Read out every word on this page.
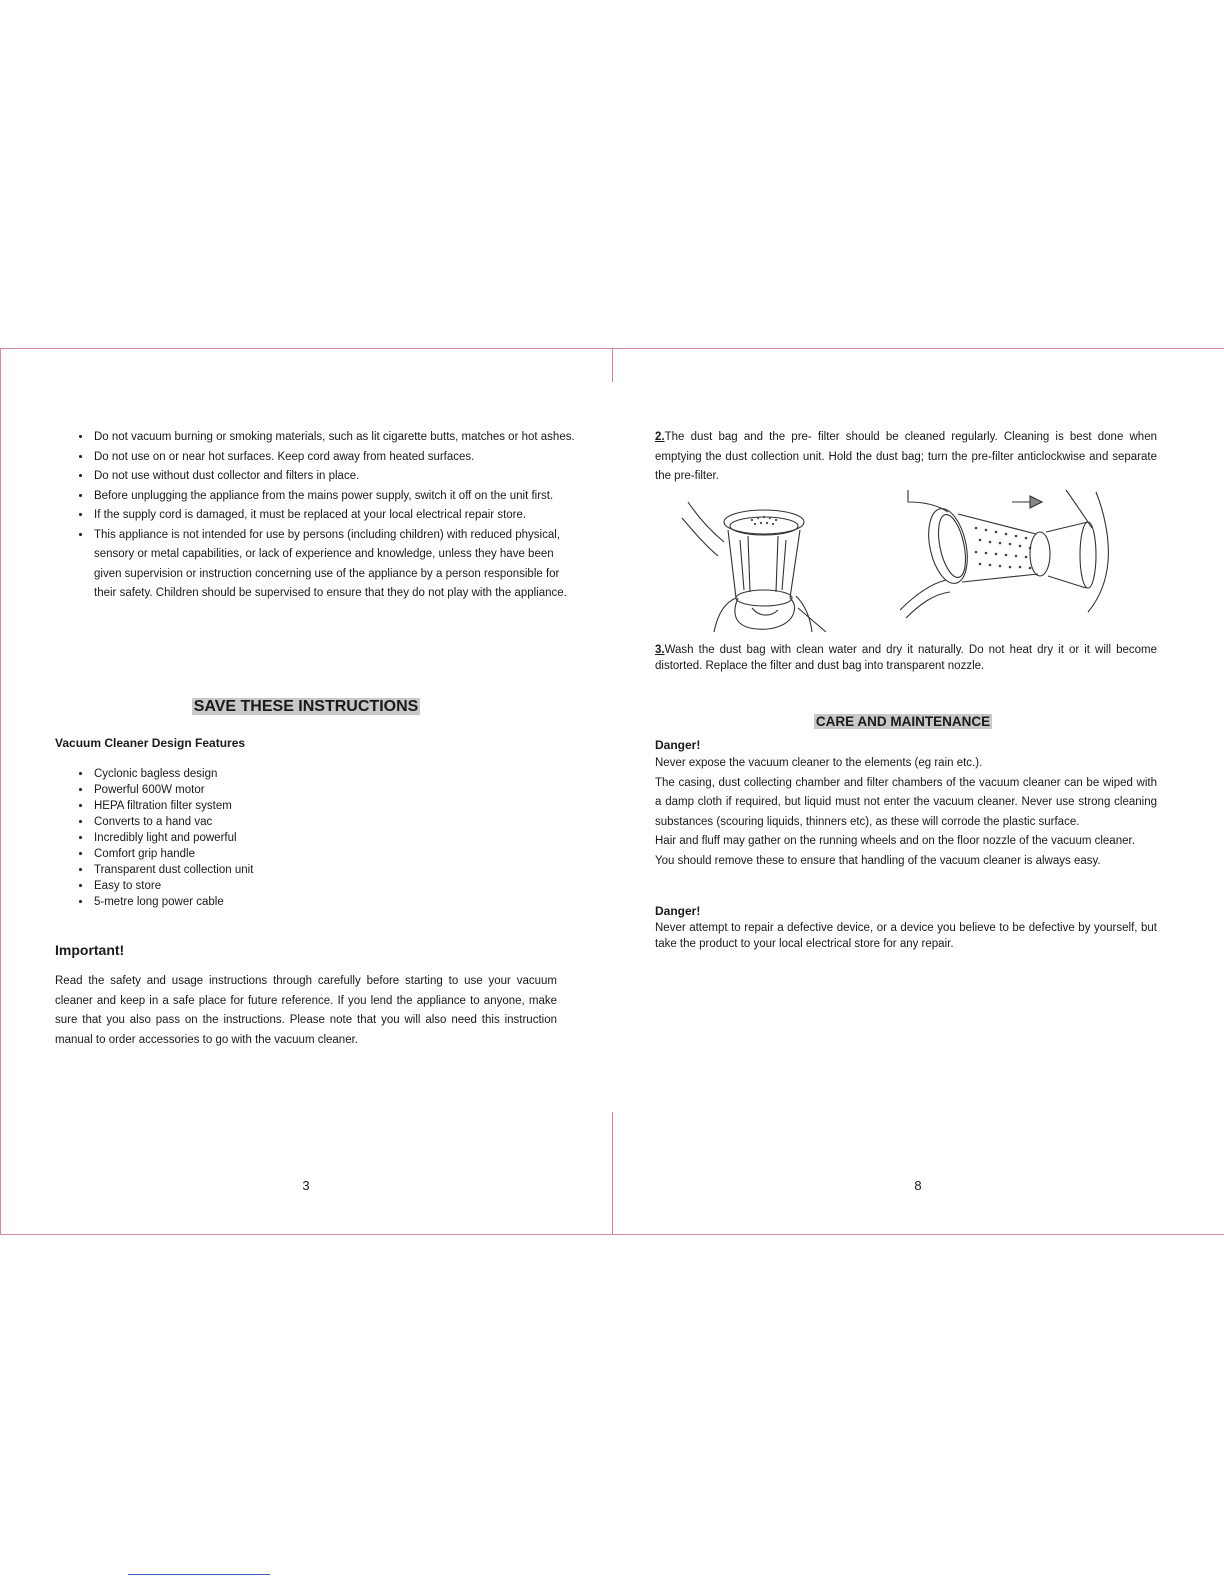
• Do not vacuum burning or smoking materials, such as lit cigarette butts, matches or hot ashes.
• Do not use on or near hot surfaces. Keep cord away from heated surfaces.
• Do not use without dust collector and filters in place.
• Before unplugging the appliance from the mains power supply, switch it off on the unit first.
• If the supply cord is damaged, it must be replaced at your local electrical repair store.
• This appliance is not intended for use by persons (including children) with reduced physical, sensory or metal capabilities, or lack of experience and knowledge, unless they have been given supervision or instruction concerning use of the appliance by a person responsible for their safety. Children should be supervised to ensure that they do not play with the appliance.
SAVE THESE INSTRUCTIONS
Vacuum Cleaner Design Features
• Cyclonic bagless design
• Powerful 600W motor
• HEPA filtration filter system
• Converts to a hand vac
• Incredibly light and powerful
• Comfort grip handle
• Transparent dust collection unit
• Easy to store
• 5-metre long power cable
Important!

Read the safety and usage instructions through carefully before starting to use your vacuum cleaner and keep in a safe place for future reference. If you lend the appliance to anyone, make sure that you also pass on the instructions. Please note that you will also need this instruction manual to order accessories to go with the vacuum cleaner.

3

2.The dust bag and the pre- filter should be cleaned regularly. Cleaning is best done when emptying the dust collection unit. Hold the dust bag; turn the pre-filter anticlockwise and separate the pre-filter.

3.Wash the dust bag with clean water and dry it naturally. Do not heat dry it or it will become distorted. Replace the filter and dust bag into transparent nozzle.

CARE AND MAINTENANCE
Danger!
Never expose the vacuum cleaner to the elements (eg rain etc.).
The casing, dust collecting chamber and filter chambers of the vacuum cleaner can be wiped with a damp cloth if required, but liquid must not enter the vacuum cleaner. Never use strong cleaning substances (scouring liquids, thinners etc), as these will corrode the plastic surface.
Hair and fluff may gather on the running wheels and on the floor nozzle of the vacuum cleaner. You should remove these to ensure that handling of the vacuum cleaner is always easy.
Danger!

Never attempt to repair a defective device, or a device you believe to be defective by yourself, but take the product to your local electrical store for any repair.

8
